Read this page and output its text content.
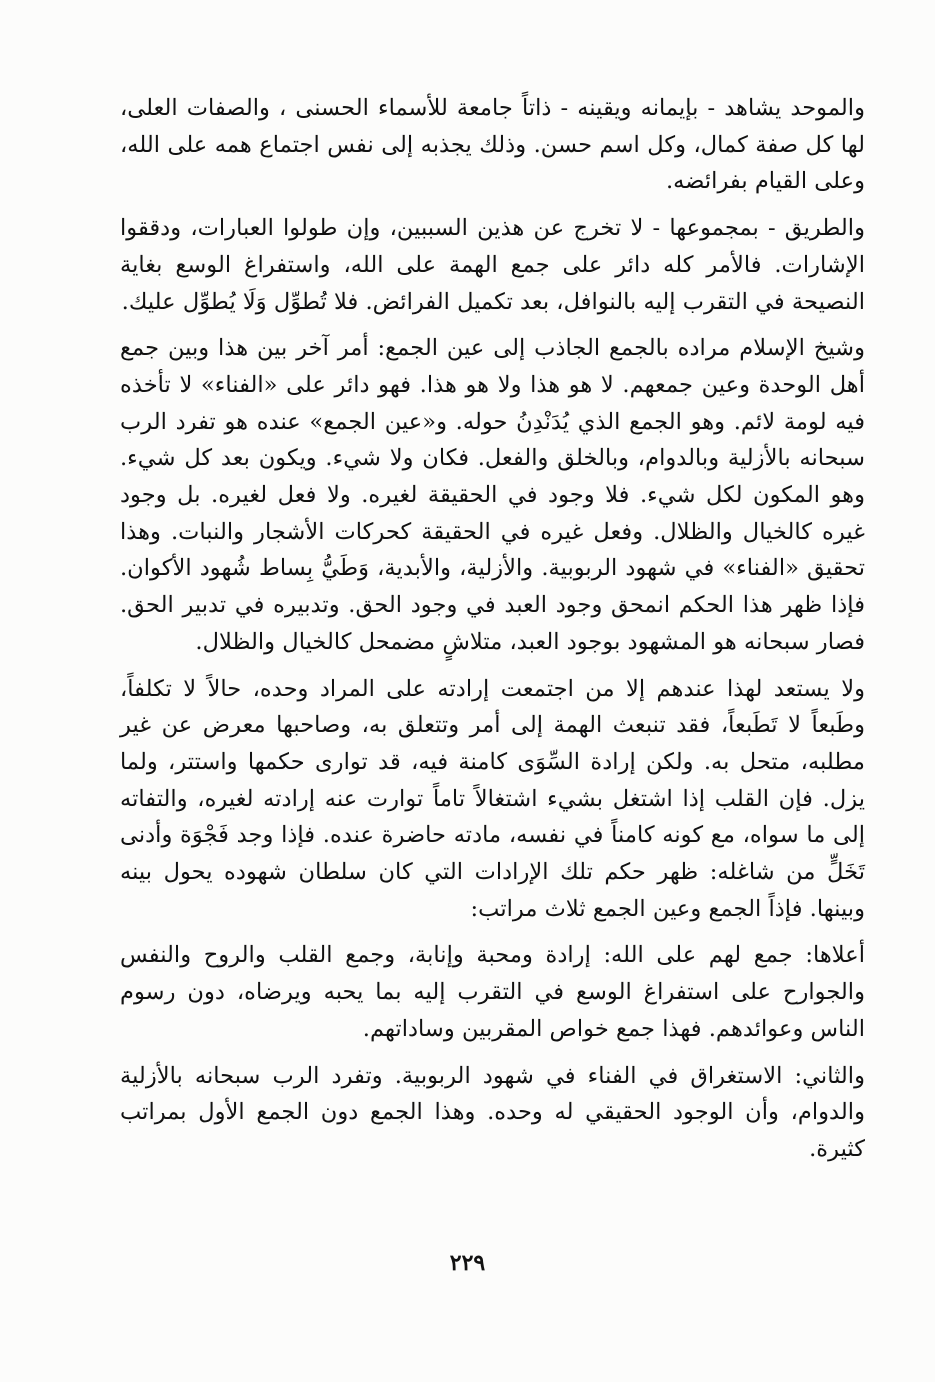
والموحد يشاهد - بإيمانه ويقينه - ذاتاً جامعة للأسماء الحسنى ، والصفات العلى، لها كل صفة كمال، وكل اسم حسن. وذلك يجذبه إلى نفس اجتماع همه على الله، وعلى القيام بفرائضه.

والطريق - بمجموعها - لا تخرج عن هذين السببين، وإن طولوا العبارات، ودققوا الإشارات. فالأمر كله دائر على جمع الهمة على الله، واستفراغ الوسع بغاية النصيحة في التقرب إليه بالنوافل، بعد تكميل الفرائض. فلا تُطوِّل وَلَا يُطوِّل عليك.

وشيخ الإسلام مراده بالجمع الجاذب إلى عين الجمع: أمر آخر بين هذا وبين جمع أهل الوحدة وعين جمعهم. لا هو هذا ولا هو هذا. فهو دائر على «الفناء» لا تأخذه فيه لومة لائم. وهو الجمع الذي يُدَنْدِنُ حوله. و«عين الجمع» عنده هو تفرد الرب سبحانه بالأزلية وبالدوام، وبالخلق والفعل. فكان ولا شيء. ويكون بعد كل شيء. وهو المكون لكل شيء. فلا وجود في الحقيقة لغيره. ولا فعل لغيره. بل وجود غيره كالخيال والظلال. وفعل غيره في الحقيقة كحركات الأشجار والنبات. وهذا تحقيق «الفناء» في شهود الربوبية. والأزلية، والأبدية، وَطَيُّ بِساط شُهود الأكوان. فإذا ظهر هذا الحكم انمحق وجود العبد في وجود الحق. وتدبيره في تدبير الحق. فصار سبحانه هو المشهود بوجود العبد، متلاشٍ مضمحل كالخيال والظلال.

ولا يستعد لهذا عندهم إلا من اجتمعت إرادته على المراد وحده، حالاً لا تكلفاً، وطَبعاً لا تَطَبعاً، فقد تنبعث الهمة إلى أمر وتتعلق به، وصاحبها معرض عن غير مطلبه، متحل به. ولكن إرادة السِّوَى كامنة فيه، قد توارى حكمها واستتر، ولما يزل. فإن القلب إذا اشتغل بشيء اشتغالاً تاماً توارت عنه إرادته لغيره، والتفاته إلى ما سواه، مع كونه كامناً في نفسه، مادته حاضرة عنده. فإذا وجد فَجْوَة وأدنى تَخَلٍّ من شاغله: ظهر حكم تلك الإرادات التي كان سلطان شهوده يحول بينه وبينها. فإذاً الجمع وعين الجمع ثلاث مراتب:

أعلاها: جمع لهم على الله: إرادة ومحبة وإنابة، وجمع القلب والروح والنفس والجوارح على استفراغ الوسع في التقرب إليه بما يحبه ويرضاه، دون رسوم الناس وعوائدهم. فهذا جمع خواص المقربين وساداتهم.

والثاني: الاستغراق في الفناء في شهود الربوبية. وتفرد الرب سبحانه بالأزلية والدوام، وأن الوجود الحقيقي له وحده. وهذا الجمع دون الجمع الأول بمراتب كثيرة.

٢٢٩
